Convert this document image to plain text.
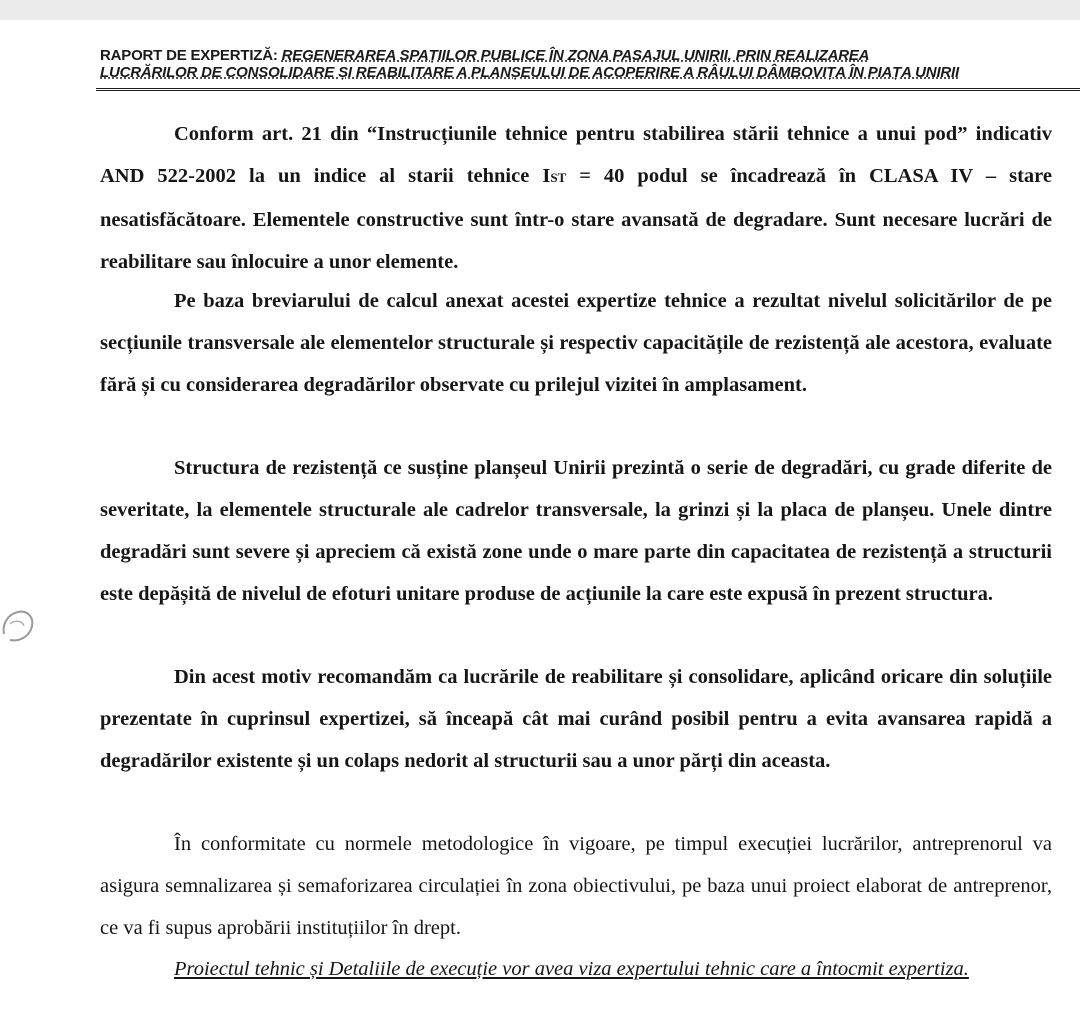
RAPORT DE EXPERTIZĂ: REGENERAREA SPAȚIILOR PUBLICE ÎN ZONA PASAJUL UNIRII, PRIN REALIZAREA
LUCRĂRILOR DE CONSOLIDARE ȘI REABILITARE A PLANȘEULUI DE ACOPERIRE A RÂULUI DÂMBOVIȚA ÎN PIAȚA UNIRII

Conform art. 21 din “Instrucțiunile tehnice pentru stabilirea stării tehnice a unui pod” indicativ AND 522-2002 la un indice al starii tehnice IST = 40 podul se încadrează în CLASA IV – stare nesatisfăcătoare. Elementele constructive sunt într-o stare avansată de degradare. Sunt necesare lucrări de reabilitare sau înlocuire a unor elemente.

Pe baza breviarului de calcul anexat acestei expertize tehnice a rezultat nivelul solicitărilor de pe secțiunile transversale ale elementelor structurale și respectiv capacitățile de rezistență ale acestora, evaluate fără și cu considerarea degradărilor observate cu prilejul vizitei în amplasament.

Structura de rezistență ce susține planșeul Unirii prezintă o serie de degradări, cu grade diferite de severitate, la elementele structurale ale cadrelor transversale, la grinzi și la placa de planșeu. Unele dintre degradări sunt severe și apreciem că există zone unde o mare parte din capacitatea de rezistență a structurii este depășită de nivelul de efoturi unitare produse de acțiunile la care este expusă în prezent structura.

Din acest motiv recomandăm ca lucrările de reabilitare și consolidare, aplicând oricare din soluțiile prezentate în cuprinsul expertizei, să înceapă cât mai curând posibil pentru a evita avansarea rapidă a degradărilor existente și un colaps nedorit al structurii sau a unor părți din aceasta.

În conformitate cu normele metodologice în vigoare, pe timpul execuției lucrărilor, antreprenorul va asigura semnalizarea și semaforizarea circulației în zona obiectivului, pe baza unui proiect elaborat de antreprenor, ce va fi supus aprobării instituțiilor în drept.

Proiectul tehnic și Detaliile de execuție vor avea viza expertului tehnic care a întocmit expertiza.
